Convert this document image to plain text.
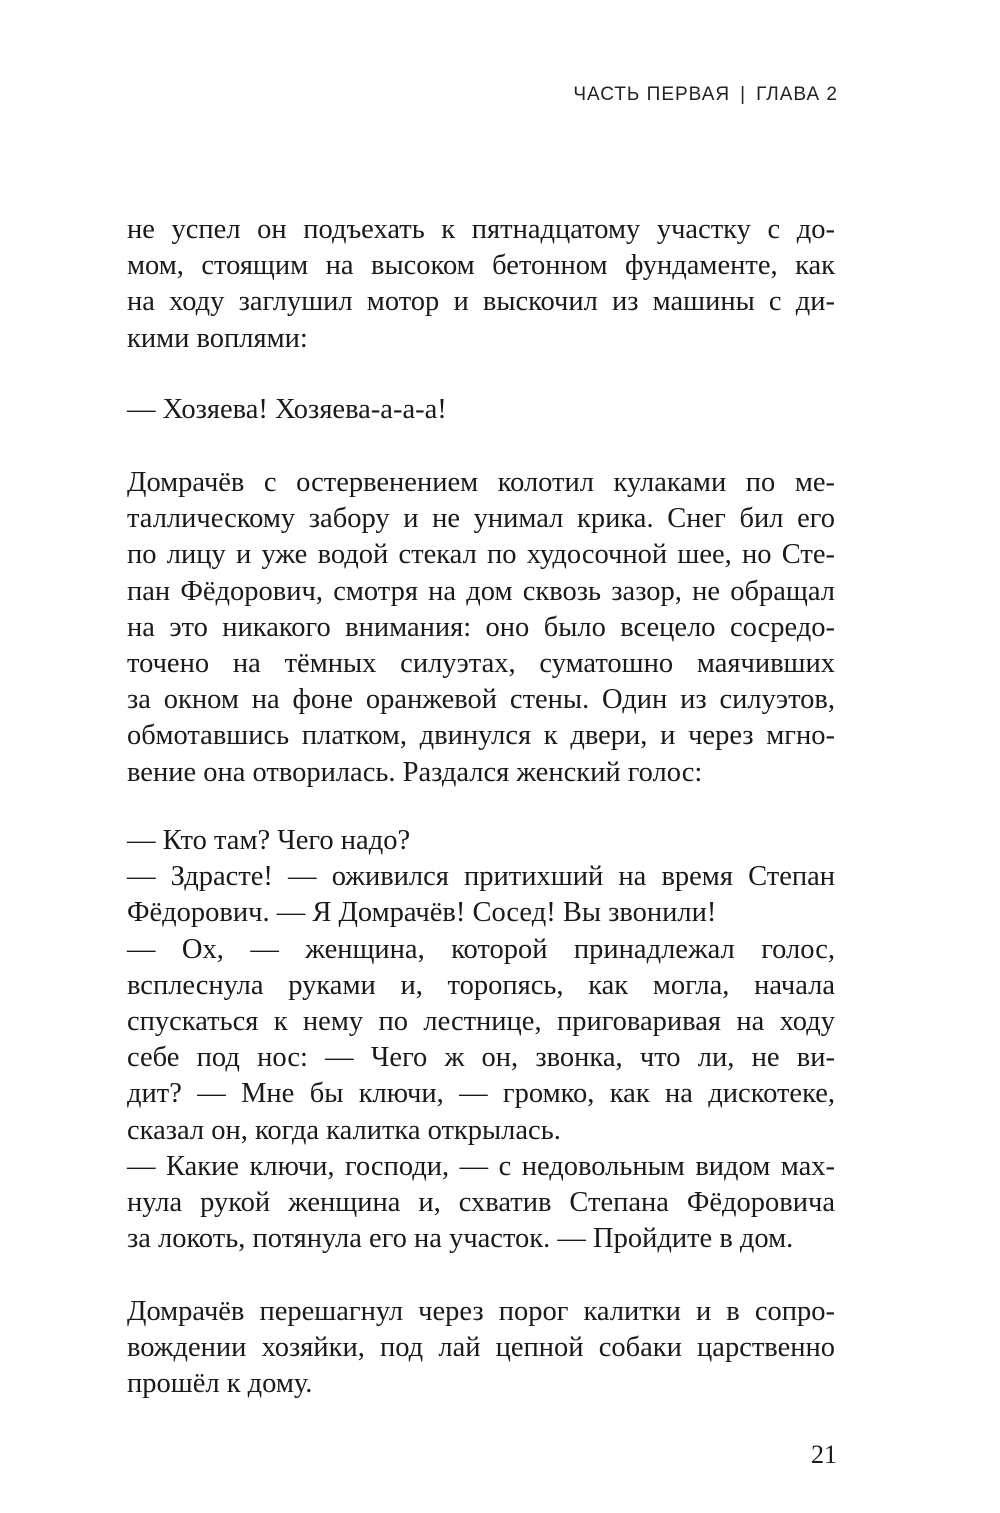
ЧАСТЬ ПЕРВАЯ | ГЛАВА 2
не успел он подъехать к пятнадцатому участку с до-
мом, стоящим на высоком бетонном фундаменте, как
на ходу заглушил мотор и выскочил из машины с ди-
кими воплями:
— Хозяева! Хозяева-а-а-а!
Домрачёв с остервенением колотил кулаками по ме-
таллическому забору и не унимал крика. Снег бил его
по лицу и уже водой стекал по худосочной шее, но Сте-
пан Фёдорович, смотря на дом сквозь зазор, не обращал
на это никакого внимания: оно было всецело сосредо-
точено на тёмных силуэтах, суматошно маячивших
за окном на фоне оранжевой стены. Один из силуэтов,
обмотавшись платком, двинулся к двери, и через мгно-
вение она отворилась. Раздался женский голос:
— Кто там? Чего надо?
— Здрасте! — оживился притихший на время Степан
Фёдорович. — Я Домрачёв! Сосед! Вы звонили!
— Ох, — женщина, которой принадлежал голос,
всплеснула руками и, торопясь, как могла, начала
спускаться к нему по лестнице, приговаривая на ходу
себе под нос: — Чего ж он, звонка, что ли, не ви-
дит? — Мне бы ключи, — громко, как на дискотеке,
сказал он, когда калитка открылась.
— Какие ключи, господи, — с недовольным видом мах-
нула рукой женщина и, схватив Степана Фёдоровича
за локоть, потянула его на участок. — Пройдите в дом.
Домрачёв перешагнул через порог калитки и в сопро-
вождении хозяйки, под лай цепной собаки царственно
прошёл к дому.
21
